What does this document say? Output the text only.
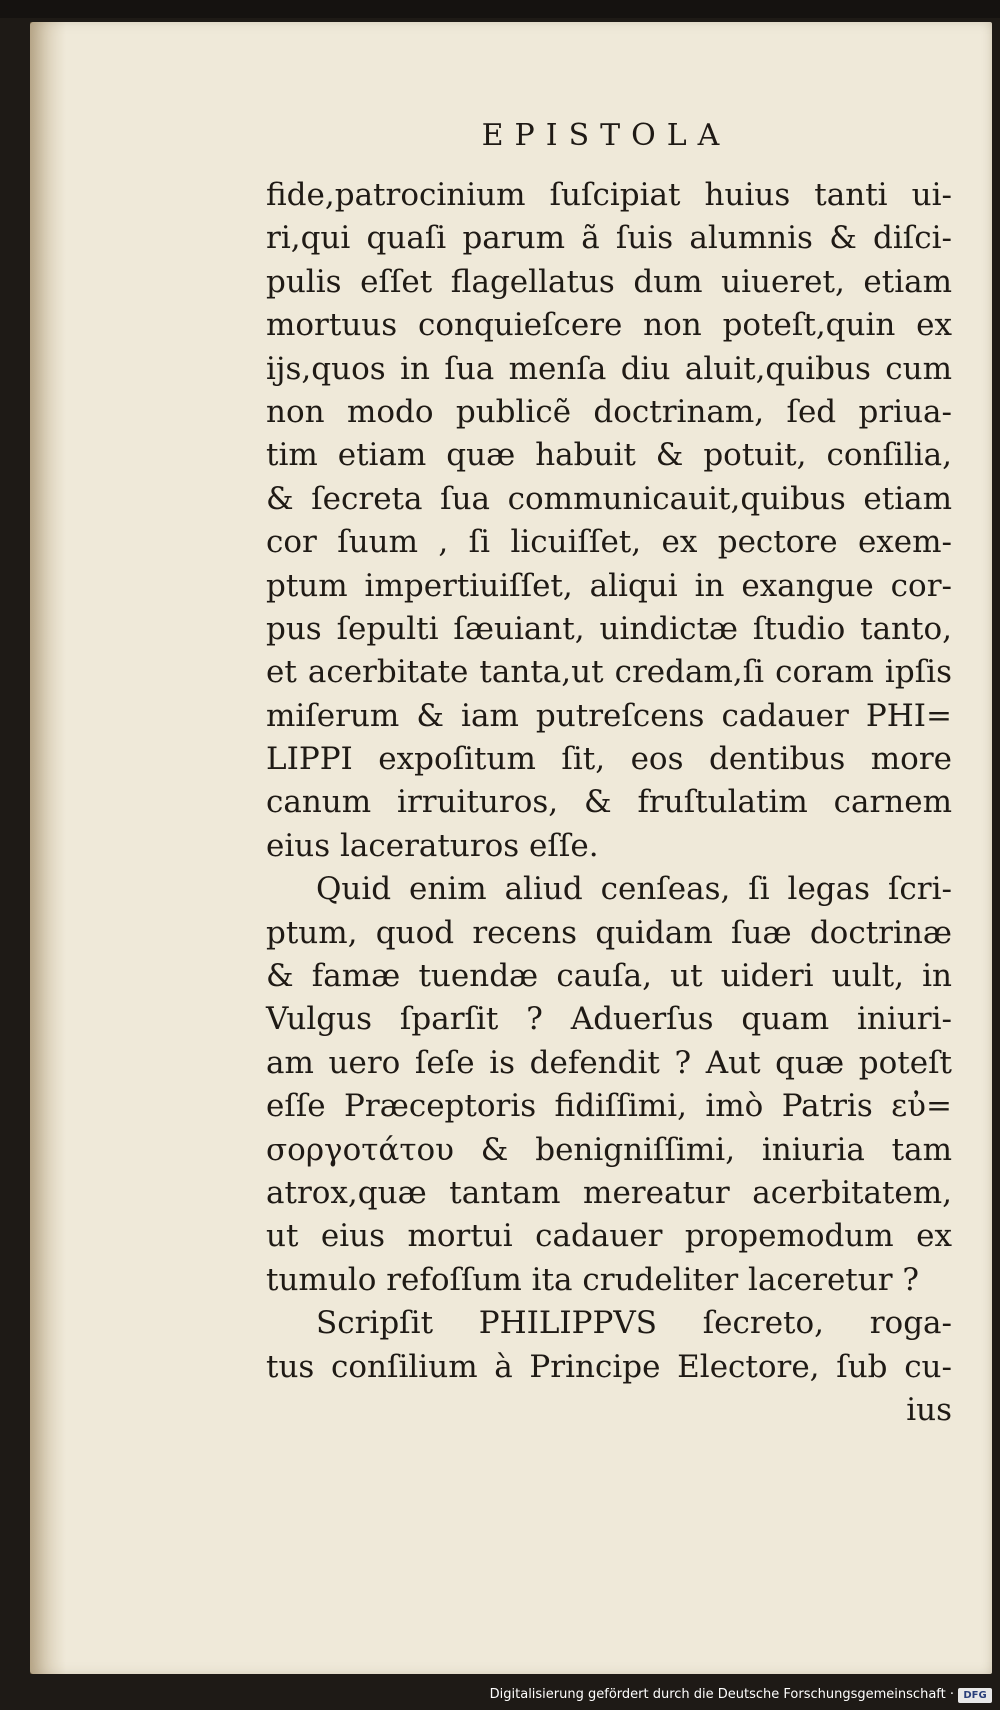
EPISTOLA
fide,patrocinium ſuſcipiat huius tanti ui-
ri,qui quaſi parum ã ſuis alumnis & diſci-
pulis eſſet flagellatus dum uiueret, etiam
mortuus conquieſcere non poteſt,quin ex
ijs,quos in ſua menſa diu aluit,quibus cum
non modo publicẽ doctrinam, ſed priua-
tim etiam quæ habuit & potuit, conſilia,
& ſecreta ſua communicauit,quibus etiam
cor ſuum , ſi licuiſſet, ex pectore exem-
ptum impertiuiſſet, aliqui in exangue cor-
pus ſepulti ſæuiant, uindictæ ſtudio tanto,
et acerbitate tanta,ut credam,ſi coram ipſis
miſerum & iam putreſcens cadauer PHI=
LIPPI expoſitum ſit, eos dentibus more
canum irruituros, & fruſtulatim carnem
eius laceraturos eſſe.
Quid enim aliud cenſeas, ſi legas ſcri-
ptum, quod recens quidam ſuæ doctrinæ
& famæ tuendæ cauſa, ut uideri uult, in
Vulgus ſparſit ? Aduerſus quam iniuri-
am uero ſeſe is defendit ? Aut quæ poteſt
eſſe Præceptoris fidiſſimi, imò Patris εὐ=
σοργοτάτου & benigniſſimi, iniuria tam
atrox,quæ tantam mereatur acerbitatem,
ut eius mortui cadauer propemodum ex
tumulo refoſſum ita crudeliter laceretur ?
Scripſit PHILIPPVS ſecreto, roga-
tus conſilium à Principe Electore, ſub cu-
ius
Digitalisierung gefördert durch die Deutsche Forschungsgemeinschaft · DFG
